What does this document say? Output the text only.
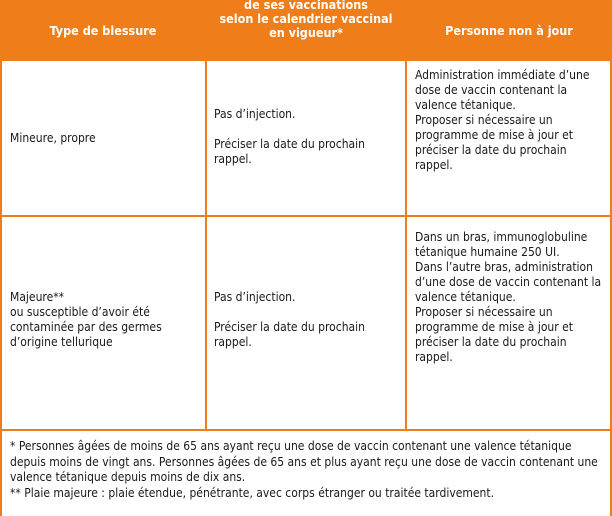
Type de blessure
de ses vaccinations
selon le calendrier vaccinal
en vigueur*	Personne non à jour

Mineure, propre

Pas d’injection.

Préciser la date du prochain rappel.

Administration immédiate d’une dose de vaccin contenant la valence tétanique.

Proposer si nécessaire un programme de mise à jour et préciser la date du prochain rappel.

Majeure**

ou susceptible d’avoir été contaminée par des germes d’origine tellurique

Pas d’injection.

Préciser la date du prochain rappel.

Dans un bras, immunoglobuline tétanique humaine 250 UI.

Dans l’autre bras, administration d’une dose de vaccin contenant la valence tétanique.

Proposer si nécessaire un programme de mise à jour et préciser la date du prochain rappel.

* Personnes âgées de moins de 65 ans ayant reçu une dose de vaccin contenant une valence tétanique depuis moins de vingt ans. Personnes âgées de 65 ans et plus ayant reçu une dose de vaccin contenant une valence tétanique depuis moins de dix ans.

** Plaie majeure : plaie étendue, pénétrante, avec corps étranger ou traitée tardivement.
